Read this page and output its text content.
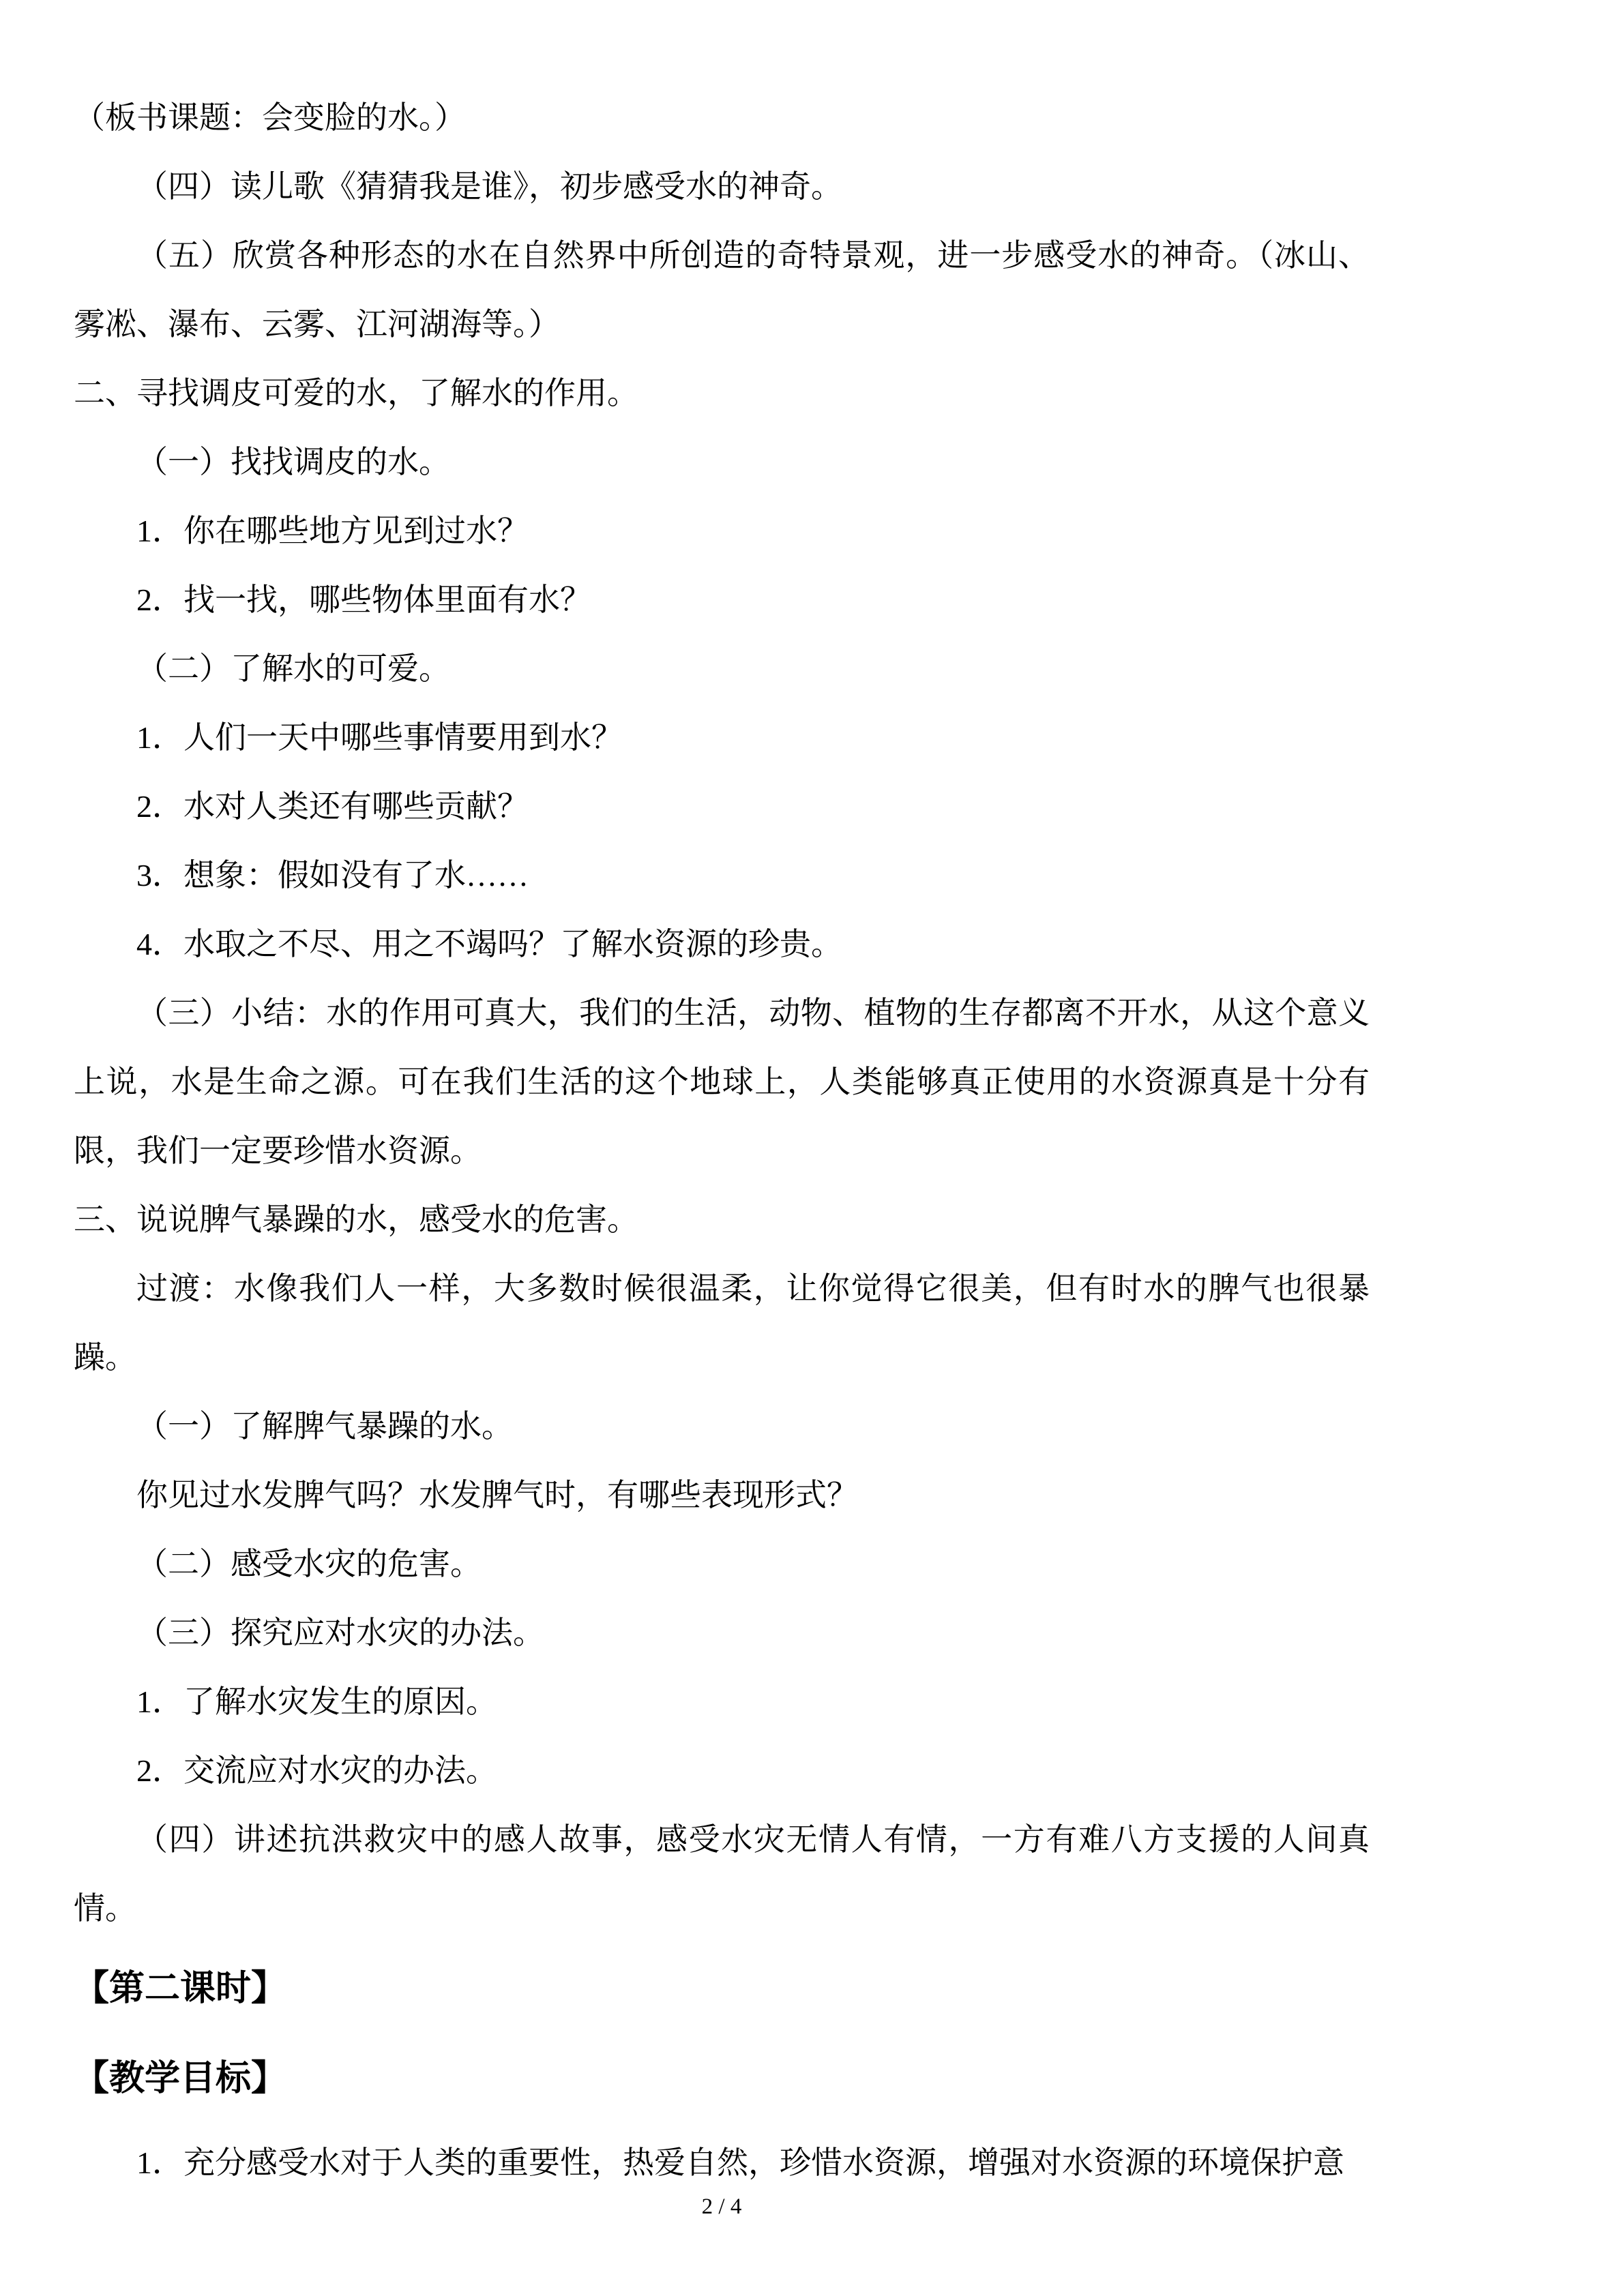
（板书课题：会变脸的水。）

（四）读儿歌《猜猜我是谁》，初步感受水的神奇。

（五）欣赏各种形态的水在自然界中所创造的奇特景观，进一步感受水的神奇。（冰山、雾凇、瀑布、云雾、江河湖海等。）

二、寻找调皮可爱的水，了解水的作用。

（一）找找调皮的水。

1．你在哪些地方见到过水？

2．找一找，哪些物体里面有水？

（二）了解水的可爱。

1．人们一天中哪些事情要用到水？

2．水对人类还有哪些贡献？

3．想象：假如没有了水……

4．水取之不尽、用之不竭吗？了解水资源的珍贵。

（三）小结：水的作用可真大，我们的生活，动物、植物的生存都离不开水，从这个意义上说，水是生命之源。可在我们生活的这个地球上，人类能够真正使用的水资源真是十分有限，我们一定要珍惜水资源。

三、说说脾气暴躁的水，感受水的危害。

过渡：水像我们人一样，大多数时候很温柔，让你觉得它很美，但有时水的脾气也很暴躁。

（一）了解脾气暴躁的水。

你见过水发脾气吗？水发脾气时，有哪些表现形式？

（二）感受水灾的危害。

（三）探究应对水灾的办法。

1．了解水灾发生的原因。

2．交流应对水灾的办法。

（四）讲述抗洪救灾中的感人故事，感受水灾无情人有情，一方有难八方支援的人间真情。

【第二课时】

【教学目标】

1．充分感受水对于人类的重要性，热爱自然，珍惜水资源，增强对水资源的环境保护意

2 / 4
